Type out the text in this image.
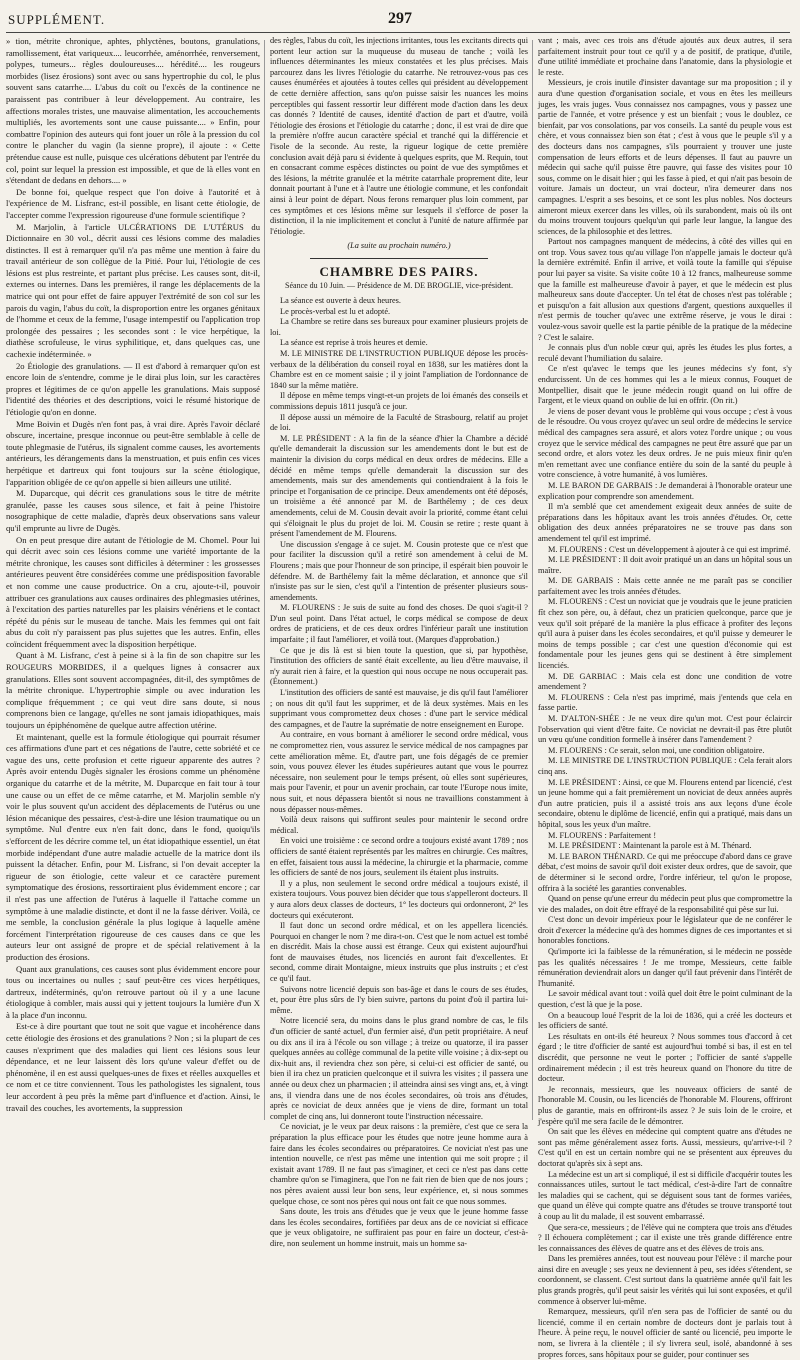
SUPPLÉMENT.	297

» tion, métrite chronique, aphtes, phlyctènes, boutons, granulations, ramollissement, état variqueux.... leucorrhée, aménorrhée, renversement, polypes, tumeurs... règles douloureuses.... hérédité.... les rougeurs morbides (lisez érosions) sont avec ou sans hypertrophie du col, le plus souvent sans catarrhe.... L'abus du coït ou l'excès de la continence ne paraissent pas contribuer à leur développement. Au contraire, les affections morales tristes, une mauvaise alimentation, les accouchements multipliés, les avortements sont une cause puissante.... » Enfin, pour combattre l'opinion des auteurs qui font jouer un rôle à la pression du col contre le plancher du vagin (la sienne propre), il ajoute : « Cette prétendue cause est nulle, puisque ces ulcérations débutent par l'entrée du col, point sur lequel la pression est impossible, et que de là elles vont en s'étendant de dedans en dehors.... »

De bonne foi, quelque respect que l'on doive à l'autorité et à l'expérience de M. Lisfranc, est-il possible, en lisant cette étiologie, de l'accepter comme l'expression rigoureuse d'une formule scientifique ?

M. Marjolin, à l'article ULCÉRATIONS DE L'UTÉRUS du Dictionnaire en 30 vol., décrit aussi ces lésions comme des maladies distinctes. Il est à remarquer qu'il n'a pas même une mention à faire du travail antérieur de son collègue de la Pitié. Pour lui, l'étiologie de ces lésions est plus restreinte, et partant plus précise. Les causes sont, dit-il, externes ou internes. Dans les premières, il range les déplacements de la matrice qui ont pour effet de faire appuyer l'extrémité de son col sur les parois du vagin, l'abus du coït, la disproportion entre les organes génitaux de l'homme et ceux de la femme, l'usage intempestif ou l'application trop prolongée des pessaires ; les secondes sont : le vice herpétique, la diathèse scrofuleuse, le virus syphilitique, et, dans quelques cas, une cachexie indéterminée. »

2o Étiologie des granulations. — Il est d'abord à remarquer qu'on est encore loin de s'entendre, comme je le dirai plus loin, sur les caractères propres et légitimes de ce qu'on appelle les granulations. Mais supposé l'identité des théories et des descriptions, voici le résumé historique de l'étiologie qu'on en donne.

Mme Boivin et Dugès n'en font pas, à vrai dire. Après l'avoir déclaré obscure, incertaine, presque inconnue ou peut-être semblable à celle de toute phlegmasie de l'utérus, ils signalent comme causes, les avortements antérieurs, les dérangements dans la menstruation, et puis enfin ces vices herpétique et dartreux qui font toujours sur la scène étiologique, l'apparition obligée de ce qu'on appelle si bien ailleurs une utilité.

M. Duparcque, qui décrit ces granulations sous le titre de métrite granulée, passe les causes sous silence, et fait à peine l'histoire nosographique de cette maladie, d'après deux observations sans valeur qu'il emprunte au livre de Dugès.

On en peut presque dire autant de l'étiologie de M. Chomel. Pour lui qui décrit avec soin ces lésions comme une variété importante de la métrite chronique, les causes sont difficiles à déterminer : les grossesses antérieures peuvent être considérées comme une prédisposition favorable et non comme une cause productrice. On a cru, ajoute-t-il, pouvoir attribuer ces granulations aux causes ordinaires des phlegmasies utérines, à l'excitation des parties naturelles par les plaisirs vénériens et le contact répété du pénis sur le museau de tanche. Mais les femmes qui ont fait abus du coït n'y paraissent pas plus sujettes que les autres. Enfin, elles coïncident fréquemment avec la disposition herpétique.

Quant à M. Lisfranc, c'est à peine si à la fin de son chapitre sur les ROUGEURS MORBIDES, il a quelques lignes à consacrer aux granulations. Elles sont souvent accompagnées, dit-il, des symptômes de la métrite chronique. L'hypertrophie simple ou avec induration les complique fréquemment ; ce qui veut dire sans doute, si nous comprenons bien ce langage, qu'elles ne sont jamais idiopathiques, mais toujours un épiphénomène de quelque autre affection utérine.

Et maintenant, quelle est la formule étiologique qui pourrait résumer ces affirmations d'une part et ces négations de l'autre, cette sobriété et ce vague des uns, cette profusion et cette rigueur apparente des autres ? Après avoir entendu Dugès signaler les érosions comme un phénomène organique du catarrhe et de la métrite, M. Duparcque en fait tour à tour une cause ou un effet de ce même catarrhe, et M. Marjolin semble n'y voir le plus souvent qu'un accident des déplacements de l'utérus ou une lésion mécanique des pessaires, c'est-à-dire une lésion traumatique ou un symptôme. Nul d'entre eux n'en fait donc, dans le fond, quoiqu'ils s'efforcent de les décrire comme tel, un état idiopathique essentiel, un état morbide indépendant d'une autre maladie actuelle de la matrice dont ils puissent la détacher. Enfin, pour M. Lisfranc, si l'on devait accepter la rigueur de son étiologie, cette valeur et ce caractère purement symptomatique des érosions, ressortiraient plus évidemment encore ; car il n'est pas une affection de l'utérus à laquelle il l'attache comme un symptôme à une maladie distincte, et dont il ne la fasse dériver. Voilà, ce me semble, la conclusion générale la plus logique à laquelle amène forcément l'interprétation rigoureuse de ces causes dans ce que les auteurs leur ont assigné de propre et de spécial relativement à la production des érosions.

Quant aux granulations, ces causes sont plus évidemment encore pour tous ou incertaines ou nulles ; sauf peut-être ces vices herpétiques, dartreux, indéterminés, qu'on retrouve partout où il y a une lacune étiologique à combler, mais aussi qui y jettent toujours la lumière d'un X à la place d'un inconnu.

Est-ce à dire pourtant que tout ne soit que vague et incohérence dans cette étiologie des érosions et des granulations ? Non ; si la plupart de ces causes n'expriment que des maladies qui lient ces lésions sous leur dépendance, et ne leur laissent dès lors qu'une valeur d'effet ou de phénomène, il en est aussi quelques-unes de fixes et réelles auxquelles et ce nom et ce titre conviennent. Tous les pathologistes les signalent, tous leur accordent à peu près la même part d'influence et d'action. Ainsi, le travail des couches, les avortements, la suppression

des règles, l'abus du coït, les injections irritantes, tous les excitants directs qui portent leur action sur la muqueuse du museau de tanche ; voilà les influences déterminantes les mieux constatées et les plus précises. Mais parcourez dans les livres l'étiologie du catarrhe. Ne retrouvez-vous pas ces causes énumérées et ajoutées à toutes celles qui président au développement de cette dernière affection, sans qu'on puisse saisir les nuances les moins perceptibles qui fassent ressortir leur différent mode d'action dans les deux cas donnés ? Identité de causes, identité d'action de part et d'autre, voilà l'étiologie des érosions et l'étiologie du catarrhe ; donc, il est vrai de dire que la première n'offre aucun caractère spécial et tranché qui la différencie et l'isole de la seconde. Au reste, la rigueur logique de cette première conclusion avait déjà paru si évidente à quelques esprits, que M. Requin, tout en consacrant comme espèces distinctes ou point de vue des symptômes et des lésions, la métrite granulée et la métrite catarrhale proprement dite, leur donnait pourtant à l'une et à l'autre une étiologie commune, et les confondait ainsi à leur point de départ. Nous ferons remarquer plus loin comment, par ces symptômes et ces lésions même sur lesquels il s'efforce de poser la distinction, il la nie implicitement et conclut à l'unité de nature affirmée par l'étiologie.

(La suite au prochain numéro.)

CHAMBRE DES PAIRS.
Séance du 10 Juin. — Présidence de M. DE BROGLIE, vice-président.

La séance est ouverte à deux heures.

Le procès-verbal est lu et adopté.

La Chambre se retire dans ses bureaux pour examiner plusieurs projets de loi.

La séance est reprise à trois heures et demie.

M. LE MINISTRE DE L'INSTRUCTION PUBLIQUE dépose les procès-verbaux de la délibération du conseil royal en 1838, sur les matières dont la Chambre est en ce moment saisie ; il y joint l'ampliation de l'ordonnance de 1840 sur la même matière.

Il dépose en même temps vingt-et-un projets de loi émanés des conseils et commissions depuis 1811 jusqu'à ce jour.

Il dépose aussi un mémoire de la Faculté de Strasbourg, relatif au projet de loi.

M. LE PRÉSIDENT : A la fin de la séance d'hier la Chambre a décidé qu'elle demanderait la discussion sur les amendements dont le but est de maintenir la division du corps médical en deux ordres de médecins. Elle a décidé en même temps qu'elle demanderait la discussion sur des amendements, mais sur des amendements qui contiendraient à la fois le principe et l'organisation de ce principe. Deux amendements ont été déposés, un troisième a été annoncé par M. de Barthélemy ; de ces deux amendements, celui de M. Cousin devait avoir la priorité, comme étant celui qui s'éloignait le plus du projet de loi. M. Cousin se retire ; reste quant à présent l'amendement de M. Flourens.

Une discussion s'engage à ce sujet. M. Cousin proteste que ce n'est que pour faciliter la discussion qu'il a retiré son amendement à celui de M. Flourens ; mais que pour l'honneur de son principe, il espérait bien pouvoir le défendre. M. de Barthélemy fait la même déclaration, et annonce que s'il n'insiste pas sur le sien, c'est qu'il a l'intention de présenter plusieurs sous-amendements.

M. FLOURENS : Je suis de suite au fond des choses. De quoi s'agit-il ? D'un seul point. Dans l'état actuel, le corps médical se compose de deux ordres de praticiens, et de ces deux ordres l'inférieur paraît une institution imparfaite ; il faut l'améliorer, et voilà tout. (Marques d'approbation.)

Ce que je dis là est si bien toute la question, que si, par hypothèse, l'institution des officiers de santé était excellente, au lieu d'être mauvaise, il n'y aurait rien à faire, et la question qui nous occupe ne nous occuperait pas. (Étonnement.)

L'institution des officiers de santé est mauvaise, je dis qu'il faut l'améliorer ; on nous dit qu'il faut les supprimer, et de là deux systèmes. Mais en les supprimant vous compromettez deux choses : d'une part le service médical des campagnes, et de l'autre la suprématie de notre enseignement en Europe.

Au contraire, en vous bornant à améliorer le second ordre médical, vous ne compromettez rien, vous assurez le service médical de nos campagnes par cette amélioration même. Et, d'autre part, une fois dégagés de ce premier soin, vous pouvez élever les études supérieures autant que vous le pourrez nécessaire, non seulement pour le temps présent, où elles sont supérieures, mais pour l'avenir, et pour un avenir prochain, car toute l'Europe nous imite, nous suit, et nous dépassera bientôt si nous ne travaillions constamment à nous dépasser nous-mêmes.

Voilà deux raisons qui suffiront seules pour maintenir le second ordre médical.

En voici une troisième : ce second ordre a toujours existé avant 1789 ; nos officiers de santé étaient représentés par les maîtres en chirurgie. Ces maîtres, en effet, faisaient tous aussi la médecine, la chirurgie et la pharmacie, comme les officiers de santé de nos jours, seulement ils étaient plus instruits.

Il y a plus, non seulement le second ordre médical a toujours existé, il existera toujours. Vous pouvez bien décider que tous s'appelleront docteurs. Il y aura alors deux classes de docteurs, 1° les docteurs qui ordonneront, 2° les docteurs qui exécuteront.

Il faut donc un second ordre médical, et on les appellera licenciés. Pourquoi en changer le nom ? me dira-t-on. C'est que le nom actuel est tombé en discrédit. Mais la chose aussi est étrange. Ceux qui existent aujourd'hui font de mauvaises études, nos licenciés en auront fait d'excellentes. Et second, comme dirait Montaigne, mieux instruits que plus instruits ; et c'est ce qu'il faut.

Suivons notre licencié depuis son bas-âge et dans le cours de ses études, et, pour être plus sûrs de l'y bien suivre, partons du point d'où il partira lui-même.

Notre licencié sera, du moins dans le plus grand nombre de cas, le fils d'un officier de santé actuel, d'un fermier aisé, d'un petit propriétaire. A neuf ou dix ans il ira à l'école ou son village ; à treize ou quatorze, il ira passer quelques années au collège communal de la petite ville voisine ; à dix-sept ou dix-huit ans, il reviendra chez son père, si celui-ci est officier de santé, ou bien il ira chez un praticien quelconque et il suivra les visites ; il passera une année ou deux chez un pharmacien ; il atteindra ainsi ses vingt ans, et, à vingt ans, il viendra dans une de nos écoles secondaires, où trois ans d'études, après ce noviciat de deux années que je viens de dire, formant un total complet de cinq ans, lui donneront toute l'instruction nécessaire.

Ce noviciat, je le veux par deux raisons : la première, c'est que ce sera la préparation la plus efficace pour les études que notre jeune homme aura à faire dans les écoles secondaires ou préparatoires. Ce noviciat n'est pas une intention nouvelle, ce n'est pas même une intention qui me soit propre ; il existait avant 1789. Il ne faut pas s'imaginer, et ceci ce n'est pas dans cette chambre qu'on se l'imaginera, que l'on ne fait rien de bien que de nos jours ; nos pères avaient aussi leur bon sens, leur expérience, et, si nous sommes quelque chose, ce sont nos pères qui nous ont fait ce que nous sommes.

Sans doute, les trois ans d'études que je veux que le jeune homme fasse dans les écoles secondaires, fortifiées par deux ans de ce noviciat si efficace que je veux obligatoire, ne suffiraient pas pour en faire un docteur, c'est-à-dire, non seulement un homme instruit, mais un homme sa-

vant ; mais, avec ces trois ans d'étude ajoutés aux deux autres, il sera parfaitement instruit pour tout ce qu'il y a de positif, de pratique, d'utile, d'une utilité immédiate et prochaine dans l'anatomie, dans la physiologie et le reste.

Messieurs, je crois inutile d'insister davantage sur ma proposition ; il y aura d'une question d'organisation sociale, et vous en êtes les meilleurs juges, les vrais juges. Vous connaissez nos campagnes, vous y passez une partie de l'année, et votre présence y est un bienfait ; vous le doublez, ce bienfait, par vos consolations, par vos conseils. La santé du peuple vous est chère, et vous connaissez bien son état ; c'est à vous que le peuple s'il y a des docteurs dans nos campagnes, s'ils pourraient y trouver une juste compensation de leurs efforts et de leurs dépenses. Il faut au pauvre un médecin qui sache qu'il puisse être pauvre, qui fasse des visites pour 10 sous, comme on le disait hier ; qui les fasse à pied, et qui n'ait pas besoin de voiture. Jamais un docteur, un vrai docteur, n'ira demeurer dans nos campagnes. L'esprit a ses besoins, et ce sont les plus nobles. Nos docteurs aimeront mieux exercer dans les villes, où ils surabondent, mais où ils ont du moins trouvent toujours quelqu'un qui parle leur langue, la langue des sciences, de la philosophie et des lettres.

Partout nos campagnes manquent de médecins, à côté des villes qui en ont trop. Vous savez tous qu'au village l'on n'appelle jamais le docteur qu'à la dernière extrémité. Enfin il arrive, et voilà toute la famille qui s'épuise pour lui payer sa visite. Sa visite coûte 10 à 12 francs, malheureuse somme que la famille est malheureuse d'avoir à payer, et que le médecin est plus malheureux sans doute d'accepter. Un tel état de choses n'est pas tolérable ; et puisqu'on a fait allusion aux questions d'argent, questions auxquelles il n'est permis de toucher qu'avec une extrême réserve, je vous le dirai : voulez-vous savoir quelle est la partie pénible de la pratique de la médecine ? C'est le salaire.

Je connais plus d'un noble cœur qui, après les études les plus fortes, a reculé devant l'humiliation du salaire.

Ce n'est qu'avec le temps que les jeunes médecins s'y font, s'y endurcissent. Un de ces hommes qui les a le mieux connus, Fouquet de Montpellier, disait que le jeune médecin rougit quand on lui offre de l'argent, et le vieux quand on oublie de lui en offrir. (On rit.)

Je viens de poser devant vous le problème qui vous occupe ; c'est à vous de le résoudre. Ou vous croyez qu'avec un seul ordre de médecins le service médical des campagnes sera assuré, et alors votez l'ordre unique ; ou vous croyez que le service médical des campagnes ne peut être assuré que par un second ordre, et alors votez les deux ordres. Je ne puis mieux finir qu'en m'en remettant avec une confiance entière du soin de la santé du peuple à votre conscience, à votre humanité, à vos lumières.

M. LE BARON DE GARBAIS : Je demanderai à l'honorable orateur une explication pour comprendre son amendement.

Il m'a semblé que cet amendement exigeait deux années de suite de préparations dans les hôpitaux avant les trois années d'études. Or, cette obligation des deux années préparatoires ne se trouve pas dans son amendement tel qu'il est imprimé.

M. FLOURENS : C'est un développement à ajouter à ce qui est imprimé.

M. LE PRÉSIDENT : Il doit avoir pratiqué un an dans un hôpital sous un maître.

M. DE GARBAIS : Mais cette année ne me paraît pas se concilier parfaitement avec les trois années d'études.

M. FLOURENS : C'est un noviciat que je voudrais que le jeune praticien fît chez son père, ou, à défaut, chez un praticien quelconque, parce que je veux qu'il soit préparé de la manière la plus efficace à profiter des leçons qu'il aura à puiser dans les écoles secondaires, et qu'il puisse y demeurer le moins de temps possible ; car c'est une question d'économie qui est fondamentale pour les jeunes gens qui se destinent à être simplement licenciés.

M. DE GARBIAC : Mais cela est donc une condition de votre amendement ?

M. FLOURENS : Cela n'est pas imprimé, mais j'entends que cela en fasse partie.

M. D'ALTON-SHÉE : Je ne veux dire qu'un mot. C'est pour éclaircir l'observation qui vient d'être faite. Ce noviciat ne devrait-il pas être plutôt un vœu qu'une condition formelle à insérer dans l'amendement ?

M. FLOURENS : Ce serait, selon moi, une condition obligatoire.

M. LE MINISTRE DE L'INSTRUCTION PUBLIQUE : Cela ferait alors cinq ans.

M. LE PRÉSIDENT : Ainsi, ce que M. Flourens entend par licencié, c'est un jeune homme qui a fait premièrement un noviciat de deux années auprès d'un autre praticien, puis il a assisté trois ans aux leçons d'une école secondaire, obtenu le diplôme de licencié, enfin qui a pratiqué, mais dans un hôpital, sous les yeux d'un maître.

M. FLOURENS : Parfaitement !

M. LE PRÉSIDENT : Maintenant la parole est à M. Thénard.

M. LE BARON THÉNARD. Ce qui me préoccupe d'abord dans ce grave débat, c'est moins de savoir qu'il doit exister deux ordres, que de savoir, que de déterminer si le second ordre, l'ordre inférieur, tel qu'on le propose, offrira à la société les garanties convenables.

Quand on pense qu'une erreur du médecin peut plus que compromettre la vie des malades, on doit être effrayé de la responsabilité qui pèse sur lui.

C'est donc un devoir impérieux pour le législateur que de ne conférer le droit d'exercer la médecine qu'à des hommes dignes de ces importantes et si honorables fonctions.

Qu'importe ici la faiblesse de la rémunération, si le médecin ne possède pas les qualités nécessaires ! Je me trompe, Messieurs, cette faible rémunération deviendrait alors un danger qu'il faut prévenir dans l'intérêt de l'humanité.

Le savoir médical avant tout : voilà quel doit être le point culminant de la question, c'est là que je la pose.

On a beaucoup loué l'esprit de la loi de 1836, qui a créé les docteurs et les officiers de santé.

Les résultats en ont-ils été heureux ? Nous sommes tous d'accord à cet égard ; le titre d'officier de santé est aujourd'hui tombé si bas, il est en tel discrédit, que personne ne veut le porter ; l'officier de santé s'appelle ordinairement médecin ; il est très heureux quand on l'honore du titre de docteur.

Je reconnais, messieurs, que les nouveaux officiers de santé de l'honorable M. Cousin, ou les licenciés de l'honorable M. Flourens, offriront plus de garantie, mais en offriront-ils assez ? Je suis loin de le croire, et j'espère qu'il me sera facile de le démontrer.

On sait que les élèves en médecine qui comptent quatre ans d'études ne sont pas même généralement assez forts. Aussi, messieurs, qu'arrive-t-il ? C'est qu'il en est un certain nombre qui ne se présentent aux épreuves du doctorat qu'après six à sept ans.

La médecine est un art si compliqué, il est si difficile d'acquérir toutes les connaissances utiles, surtout le tact médical, c'est-à-dire l'art de connaître les maladies qui se cachent, qui se déguisent sous tant de formes variées, que quand un élève qui compte quatre ans d'études se trouve transporté tout à coup au lit du malade, il est souvent embarrassé.

Que sera-ce, messieurs ; de l'élève qui ne comptera que trois ans d'études ? Il échouera complètement ; car il existe une très grande différence entre les connaissances des élèves de quatre ans et des élèves de trois ans.

Dans les premières années, tout est nouveau pour l'élève : il marche pour ainsi dire en aveugle ; ses yeux ne deviennent à peu, ses idées s'étendent, se coordonnent, se classent. C'est surtout dans la quatrième année qu'il fait les plus grands progrès, qu'il peut saisir les vérités qui lui sont exposées, et qu'il commence à observer lui-même.

Remarquez, messieurs, qu'il n'en sera pas de l'officier de santé ou du licencié, comme il en certain nombre de docteurs dont je parlais tout à l'heure. À peine reçu, le nouvel officier de santé ou licencié, peu importe le nom, se livrera à la clientèle ; il s'y livrera seul, isolé, abandonné à ses propres forces, sans hôpitaux pour se guider, pour continuer ses
